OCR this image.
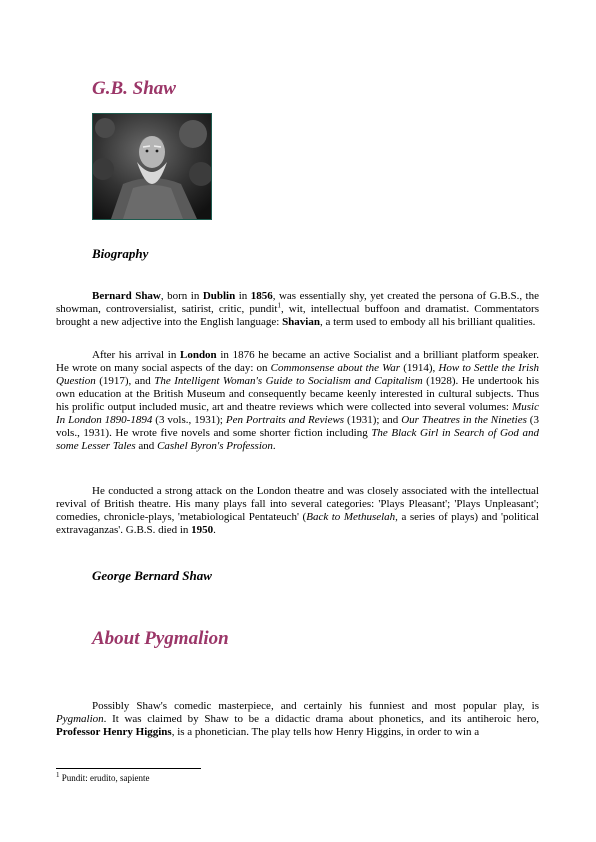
G.B. Shaw
Biography

Bernard Shaw, born in Dublin in 1856, was essentially shy, yet created the persona of G.B.S., the showman, controversialist, satirist, critic, pundit$^1$, wit, intellectual buffoon and dramatist. Commentators brought a new adjective into the English language: Shavian, a term used to embody all his brilliant qualities.

After his arrival in London in 1876 he became an active Socialist and a brilliant platform speaker. He wrote on many social aspects of the day: on Commonsense about the War (1914), How to Settle the Irish Question (1917), and The Intelligent Woman's Guide to Socialism and Capitalism (1928). He undertook his own education at the British Museum and consequently became keenly interested in cultural subjects. Thus his prolific output included music, art and theatre reviews which were collected into several volumes: Music In London 1890-1894 (3 vols., 1931); Pen Portraits and Reviews (1931); and Our Theatres in the Nineties (3 vols., 1931). He wrote five novels and some shorter fiction including The Black Girl in Search of God and some Lesser Tales and Cashel Byron's Profession.

He conducted a strong attack on the London theatre and was closely associated with the intellectual revival of British theatre. His many plays fall into several categories: 'Plays Pleasant'; 'Plays Unpleasant'; comedies, chronicle-plays, 'metabiological Pentateuch' (Back to Methuselah, a series of plays) and 'political extravaganzas'. G.B.S. died in 1950.

George Bernard Shaw
About Pygmalion

Possibly Shaw's comedic masterpiece, and certainly his funniest and most popular play, is Pygmalion. It was claimed by Shaw to be a didactic drama about phonetics, and its antiheroic hero, Professor Henry Higgins, is a phonetician. The play tells how Henry Higgins, in order to win a

$^1$ Pundit: erudito, sapiente
